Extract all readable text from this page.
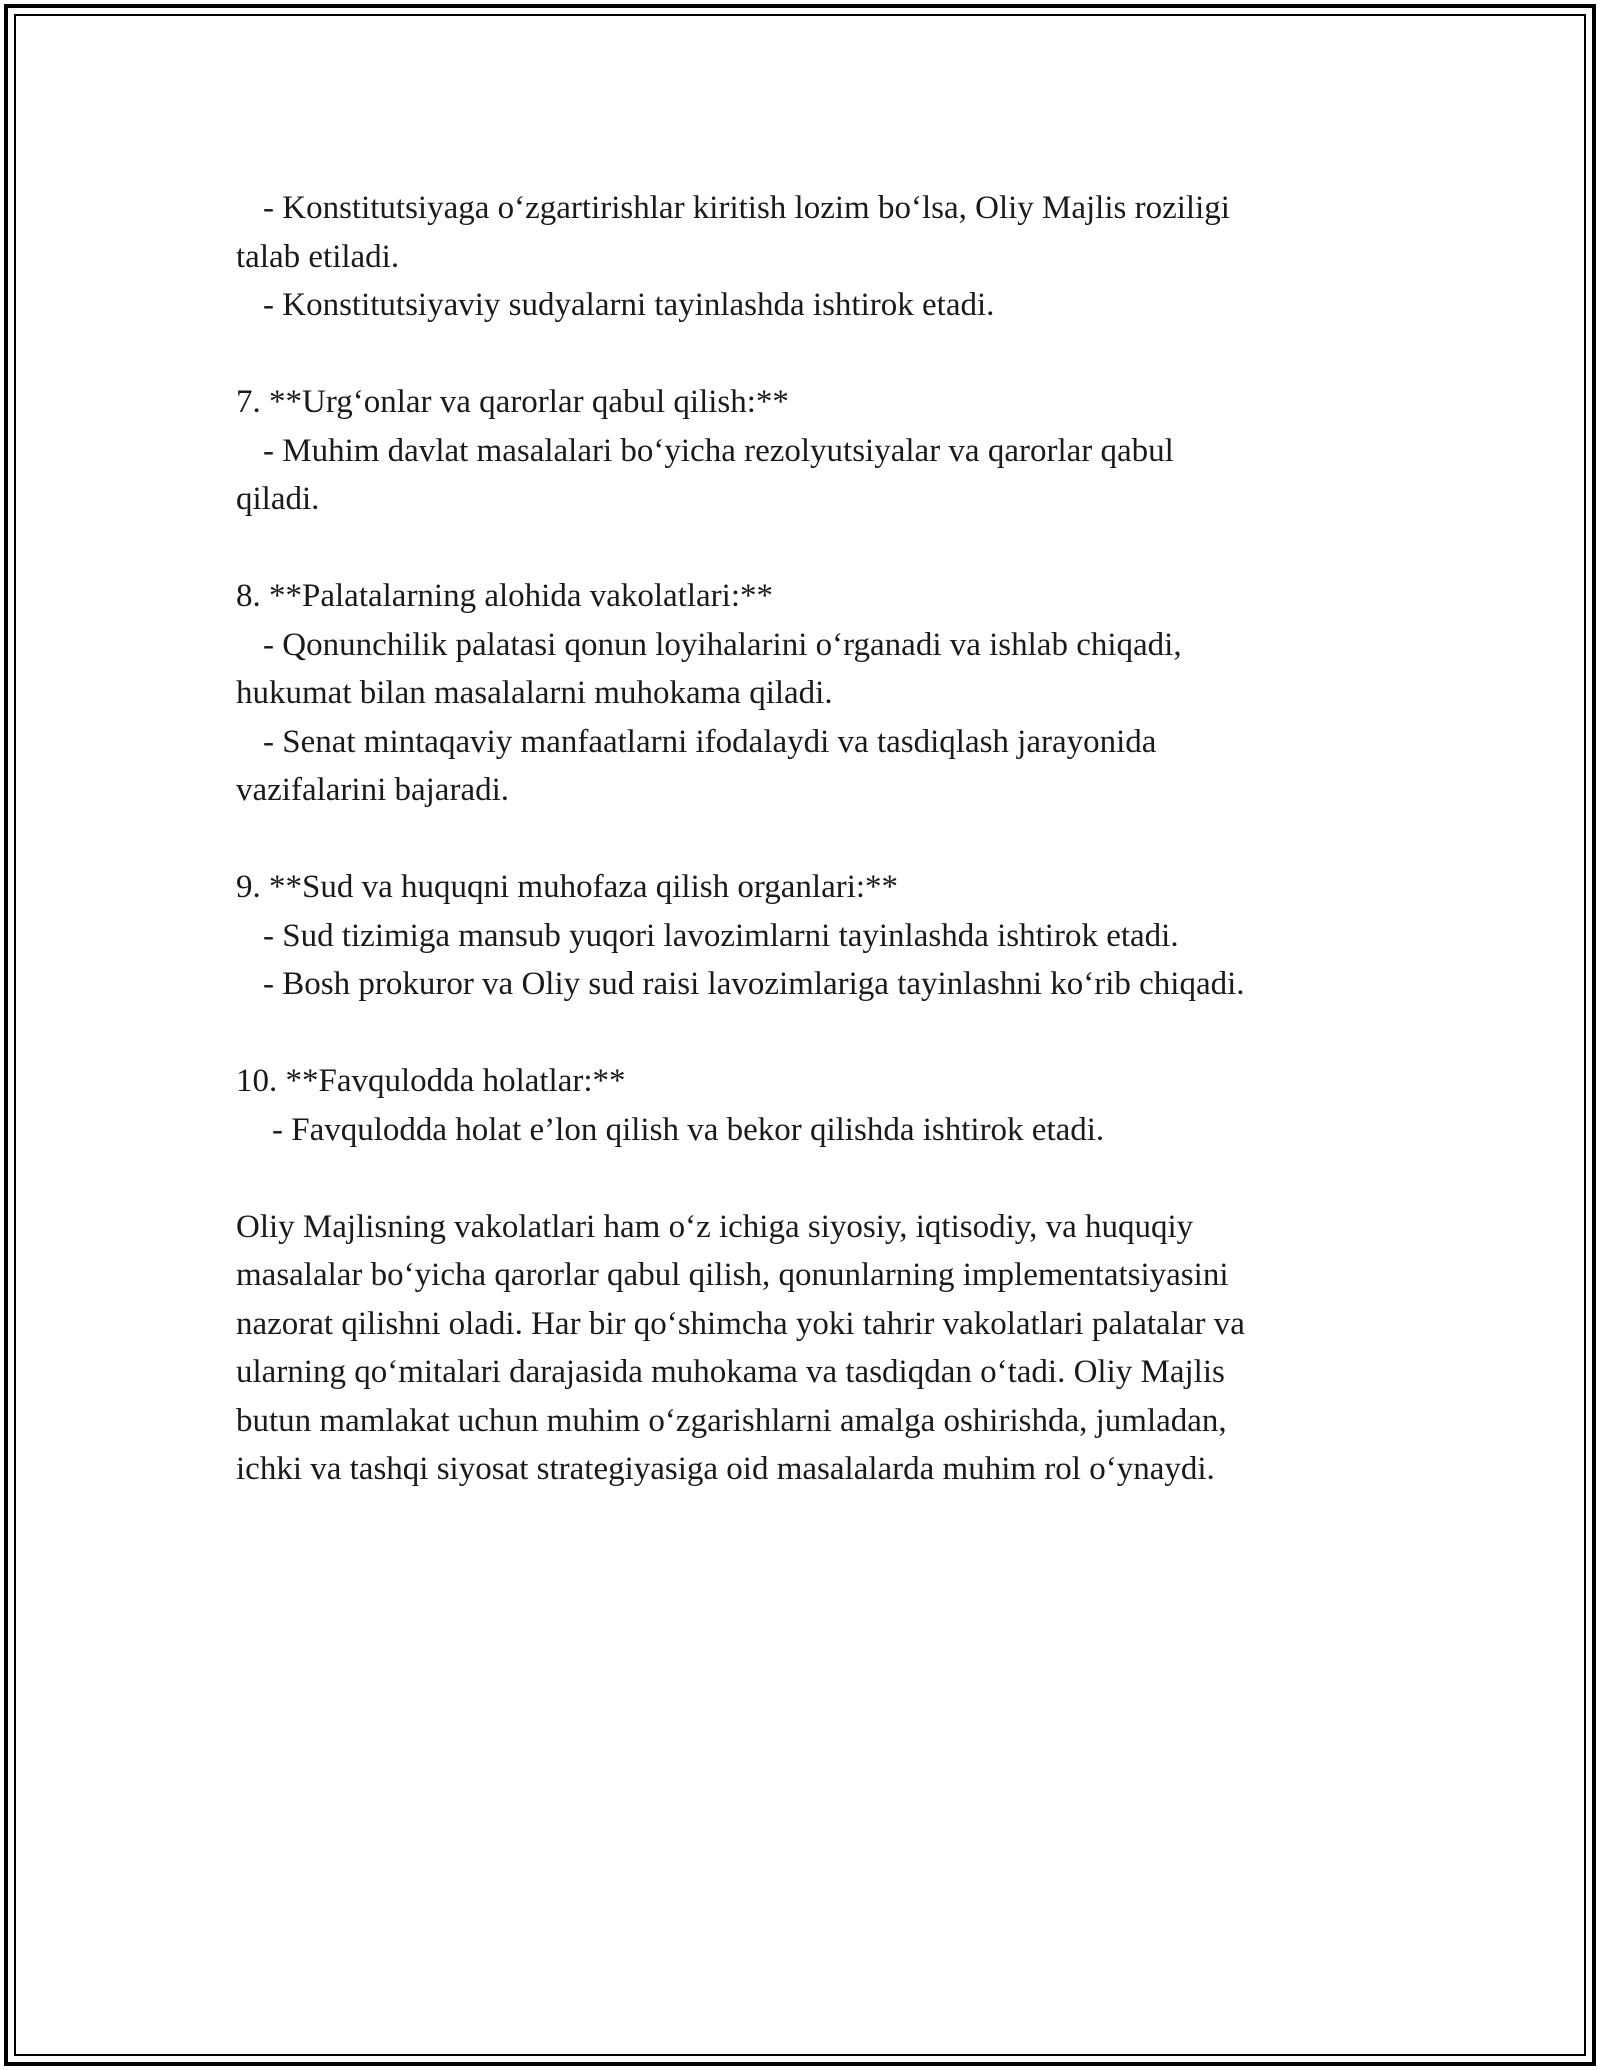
- Konstitutsiyaga o‘zgartirishlar kiritish lozim bo‘lsa, Oliy Majlis roziligi
talab etiladi.
- Konstitutsiyaviy sudyalarni tayinlashda ishtirok etadi.
7. **Urg‘onlar va qarorlar qabul qilish:**
- Muhim davlat masalalari bo‘yicha rezolyutsiyalar va qarorlar qabul
qiladi.
8. **Palatalarning alohida vakolatlari:**
- Qonunchilik palatasi qonun loyihalarini o‘rganadi va ishlab chiqadi,
hukumat bilan masalalarni muhokama qiladi.
- Senat mintaqaviy manfaatlarni ifodalaydi va tasdiqlash jarayonida
vazifalarini bajaradi.
9. **Sud va huquqni muhofaza qilish organlari:**
- Sud tizimiga mansub yuqori lavozimlarni tayinlashda ishtirok etadi.
- Bosh prokuror va Oliy sud raisi lavozimlariga tayinlashni ko‘rib chiqadi.
10. **Favqulodda holatlar:**
- Favqulodda holat e’lon qilish va bekor qilishda ishtirok etadi.
Oliy Majlisning vakolatlari ham o‘z ichiga siyosiy, iqtisodiy, va huquqiy
masalalar bo‘yicha qarorlar qabul qilish, qonunlarning implementatsiyasini
nazorat qilishni oladi. Har bir qo‘shimcha yoki tahrir vakolatlari palatalar va
ularning qo‘mitalari darajasida muhokama va tasdiqdan o‘tadi. Oliy Majlis
butun mamlakat uchun muhim o‘zgarishlarni amalga oshirishda, jumladan,
ichki va tashqi siyosat strategiyasiga oid masalalarda muhim rol o‘ynaydi.
